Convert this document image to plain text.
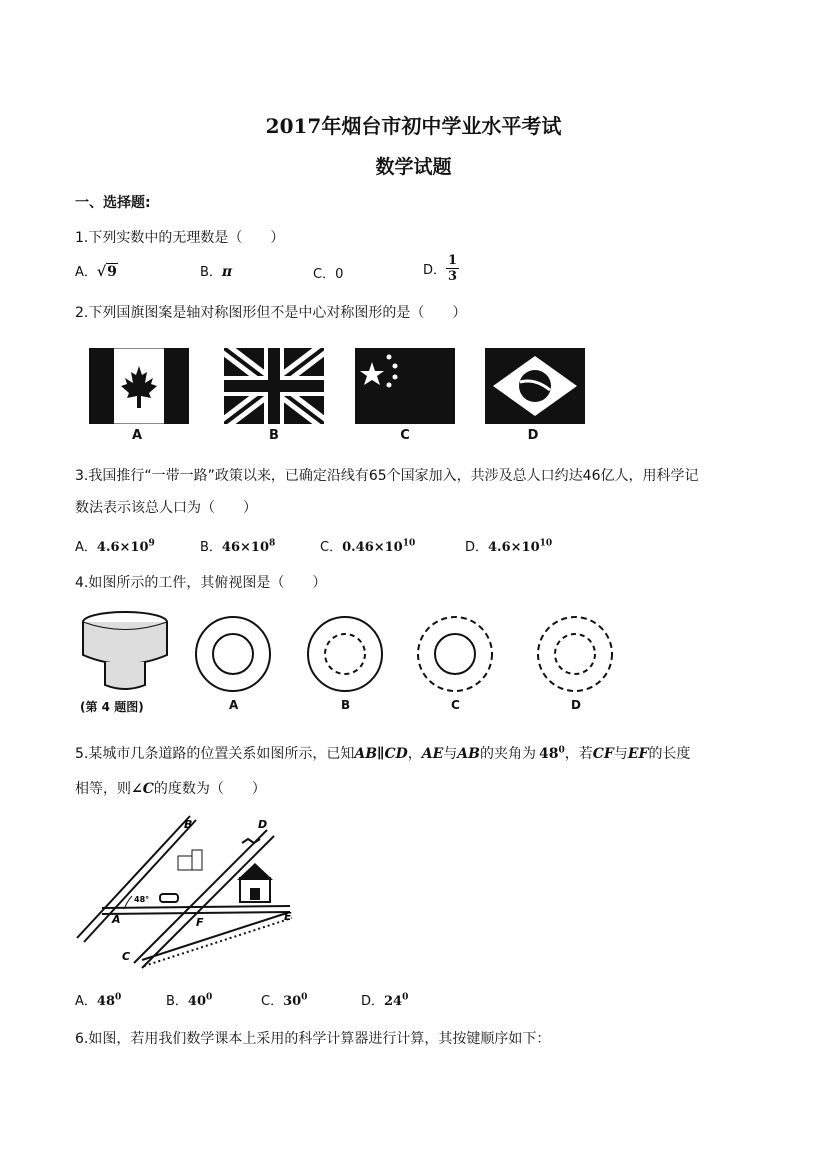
2017年烟台市初中学业水平考试
数学试题
一、选择题:
1.下列实数中的无理数是（　　）
A．√9	B．π	C．0	D． $\frac{1}{3}$
2.下列国旗图案是轴对称图形但不是中心对称图形的是（　　）
A	B	C	D
3.我国推行“一带一路”政策以来，已确定沿线有65个国家加入，共涉及总人口约达46亿人，用科学记
数法表示该总人口为（　　）
A．$4.6\times 10^9$	B．$46\times 10^8$	C．$0.46\times 10^{10}$	D．$4.6\times 10^{10}$
4.如图所示的工件，其俯视图是（　　）
(第 4 题图)	A	B	C	D
5.某城市几条道路的位置关系如图所示，已知AB∥CD，AE与AB的夹角为 $48^0$，若CF与EF的长度
相等，则∠C的度数为（　　）
B	D
A	F	E
C
48°
A．$48^0$	B．$40^0$	C．$30^0$	D．$24^0$
6.如图，若用我们数学课本上采用的科学计算器进行计算，其按键顺序如下：
